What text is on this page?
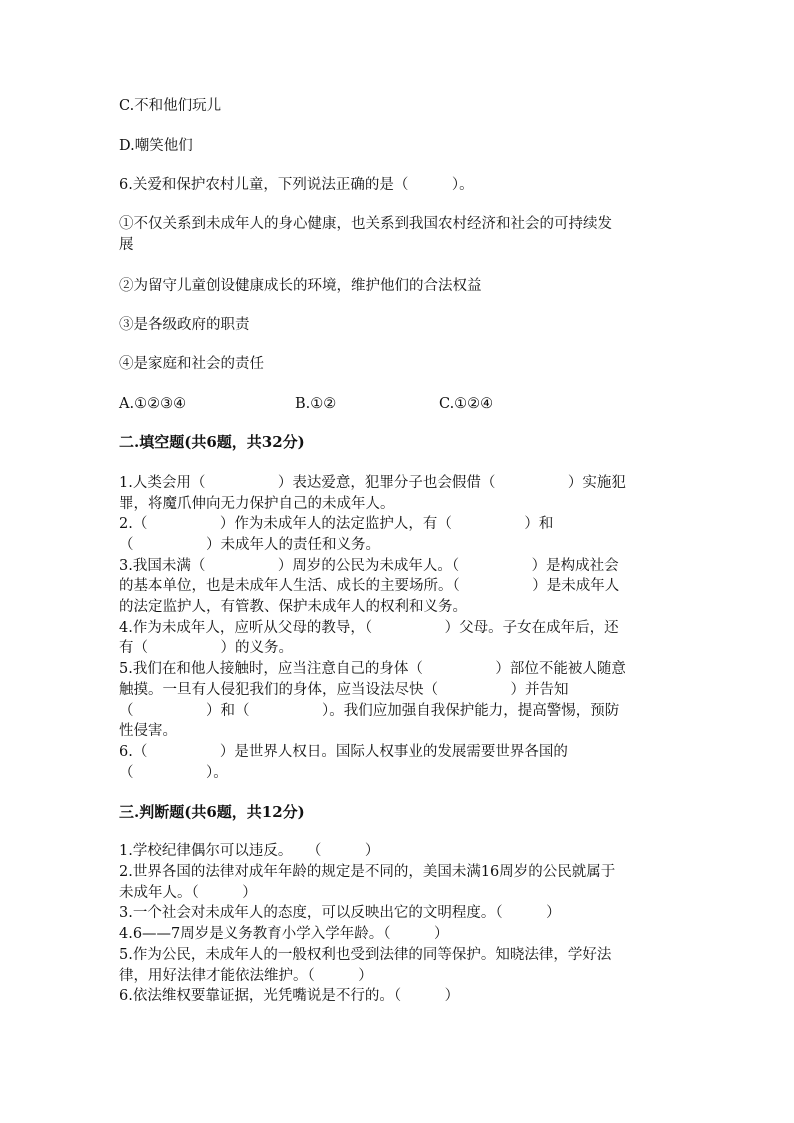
C.不和他们玩儿

D.嘲笑他们

6.关爱和保护农村儿童，下列说法正确的是（　　　）。

①不仅关系到未成年人的身心健康，也关系到我国农村经济和社会的可持续发

展

②为留守儿童创设健康成长的环境，维护他们的合法权益

③是各级政府的职责

④是家庭和社会的责任

A.①②③④	B.①②	C.①②④

二.填空题(共6题，共32分)

1.人类会用（　　　　　）表达爱意，犯罪分子也会假借（　　　　　）实施犯

罪，将魔爪伸向无力保护自己的未成年人。

2.（　　　　　）作为未成年人的法定监护人，有（　　　　　）和

（　　　　　）未成年人的责任和义务。

3.我国未满（　　　　　）周岁的公民为未成年人。（　　　　　）是构成社会

的基本单位，也是未成年人生活、成长的主要场所。（　　　　　）是未成年人

的法定监护人，有管教、保护未成年人的权利和义务。

4.作为未成年人，应听从父母的教导，（　　　　　）父母。子女在成年后，还

有（　　　　　）的义务。

5.我们在和他人接触时，应当注意自己的身体（　　　　　）部位不能被人随意

触摸。一旦有人侵犯我们的身体，应当设法尽快（　　　　　）并告知

（　　　　　）和（　　　　　）。我们应加强自我保护能力，提高警惕，预防

性侵害。

6.（　　　　　）是世界人权日。国际人权事业的发展需要世界各国的

（　　　　　）。

三.判断题(共6题，共12分)

1.学校纪律偶尔可以违反。　　（　　　）

2.世界各国的法律对成年年龄的规定是不同的，美国未满16周岁的公民就属于

未成年人。（　　　）

3.一个社会对未成年人的态度，可以反映出它的文明程度。（　　　）

4.6——7周岁是义务教育小学入学年龄。（　　　）

5.作为公民，未成年人的一般权利也受到法律的同等保护。知晓法律，学好法

律，用好法律才能依法维护。（　　　）

6.依法维权要靠证据，光凭嘴说是不行的。（　　　）
